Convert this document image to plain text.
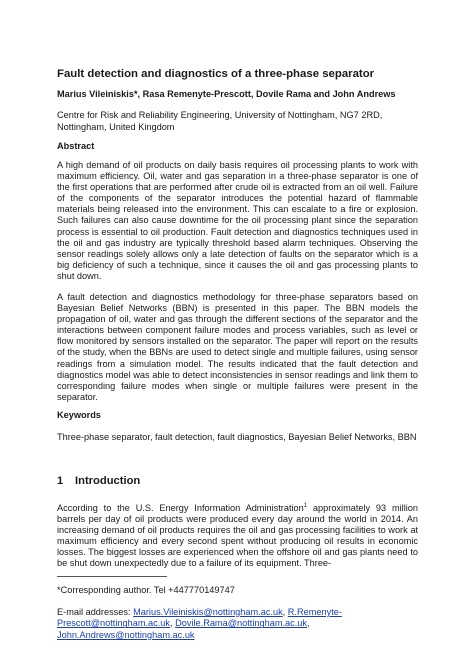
Fault detection and diagnostics of a three-phase separator
Marius Vileiniskis*, Rasa Remenyte-Prescott, Dovile Rama and John Andrews
Centre for Risk and Reliability Engineering, University of Nottingham, NG7 2RD, Nottingham, United Kingdom
Abstract
A high demand of oil products on daily basis requires oil processing plants to work with maximum efficiency. Oil, water and gas separation in a three-phase separator is one of the first operations that are performed after crude oil is extracted from an oil well. Failure of the components of the separator introduces the potential hazard of flammable materials being released into the environment. This can escalate to a fire or explosion. Such failures can also cause downtime for the oil processing plant since the separation process is essential to oil production. Fault detection and diagnostics techniques used in the oil and gas industry are typically threshold based alarm techniques. Observing the sensor readings solely allows only a late detection of faults on the separator which is a big deficiency of such a technique, since it causes the oil and gas processing plants to shut down.
A fault detection and diagnostics methodology for three-phase separators based on Bayesian Belief Networks (BBN) is presented in this paper. The BBN models the propagation of oil, water and gas through the different sections of the separator and the interactions between component failure modes and process variables, such as level or flow monitored by sensors installed on the separator. The paper will report on the results of the study, when the BBNs are used to detect single and multiple failures, using sensor readings from a simulation model. The results indicated that the fault detection and diagnostics model was able to detect inconsistencies in sensor readings and link them to corresponding failure modes when single or multiple failures were present in the separator.
Keywords
Three-phase separator, fault detection, fault diagnostics, Bayesian Belief Networks, BBN
1 Introduction
According to the U.S. Energy Information Administration$^1$ approximately 93 million barrels per day of oil products were produced every day around the world in 2014. An increasing demand of oil products requires the oil and gas processing facilities to work at maximum efficiency and every second spent without producing oil results in economic losses. The biggest losses are experienced when the offshore oil and gas plants need to be shut down unexpectedly due to a failure of its equipment. Three-
*Corresponding author. Tel +447770149747
E-mail addresses: Marius.Vileiniskis@nottingham.ac.uk, R.Remenyte-Prescott@nottingham.ac.uk, Dovile.Rama@nottingham.ac.uk,
John.Andrews@nottingham.ac.uk
